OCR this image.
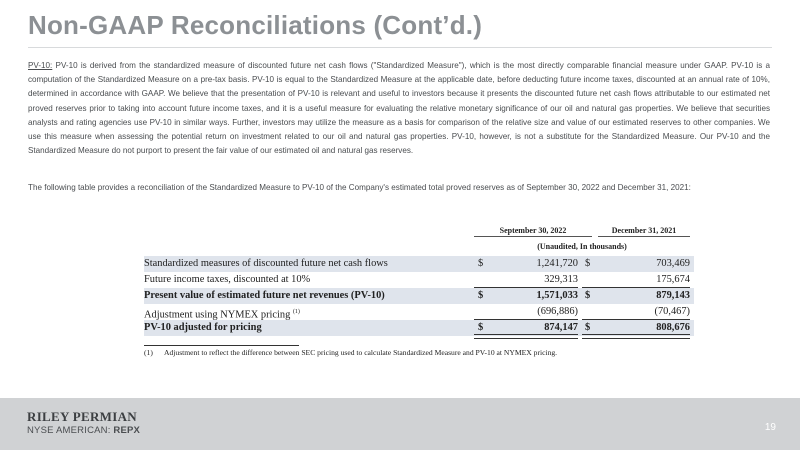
Non-GAAP Reconciliations (Cont’d.)
PV-10: PV-10 is derived from the standardized measure of discounted future net cash flows ("Standardized Measure"), which is the most directly comparable financial measure under GAAP. PV-10 is a computation of the Standardized Measure on a pre-tax basis. PV-10 is equal to the Standardized Measure at the applicable date, before deducting future income taxes, discounted at an annual rate of 10%, determined in accordance with GAAP. We believe that the presentation of PV-10 is relevant and useful to investors because it presents the discounted future net cash flows attributable to our estimated net proved reserves prior to taking into account future income taxes, and it is a useful measure for evaluating the relative monetary significance of our oil and natural gas properties. We believe that securities analysts and rating agencies use PV-10 in similar ways. Further, investors may utilize the measure as a basis for comparison of the relative size and value of our estimated reserves to other companies. We use this measure when assessing the potential return on investment related to our oil and natural gas properties. PV-10, however, is not a substitute for the Standardized Measure. Our PV-10 and the Standardized Measure do not purport to present the fair value of our estimated oil and natural gas reserves.
The following table provides a reconciliation of the Standardized Measure to PV-10 of the Company's estimated total proved reserves as of September 30, 2022 and December 31, 2021:
September 30, 2022	December 31, 2021
(Unaudited, In thousands)
Standardized measures of discounted future net cash flows	$	1,241,720 $	703,469
Future income taxes, discounted at 10%	329,313	175,674
Present value of estimated future net revenues (PV-10)	$	1,571,033 $	879,143
Adjustment using NYMEX pricing $^{(1)}$	(696,886)	(70,467)
PV-10 adjusted for pricing	$	874,147 $	808,676
(1) Adjustment to reflect the difference between SEC pricing used to calculate Standardized Measure and PV-10 at NYMEX pricing.
RILEY PERMIAN
NYSE AMERICAN: REPX	19
